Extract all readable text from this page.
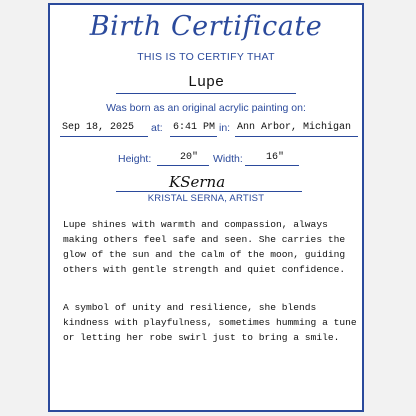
Birth Certificate
THIS IS TO CERTIFY THAT
Lupe
Was born as an original acrylic painting on:
Sep 18, 2025 at: 6:41 PM in: Ann Arbor, Michigan
Height:	20" Width: 16"
KSerna
KRISTAL SERNA, ARTIST
Lupe shines with warmth and compassion, always making others feel safe and seen. She carries the glow of the sun and the calm of the moon, guiding others with gentle strength and quiet confidence.
A symbol of unity and resilience, she blends kindness with playfulness, sometimes humming a tune or letting her robe swirl just to bring a smile.
